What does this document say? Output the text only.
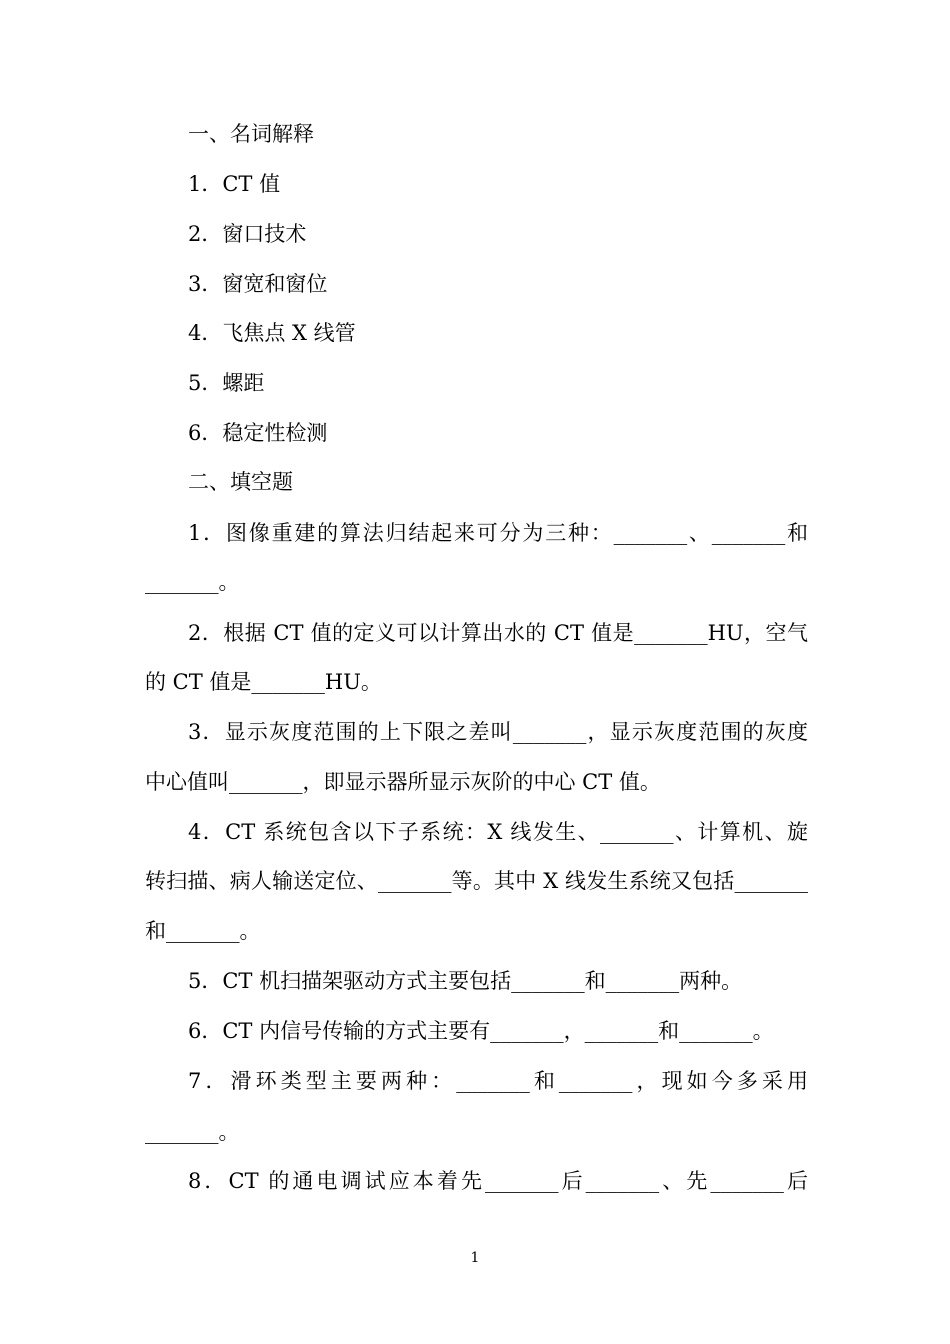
一、名词解释
1．CT 值
2．窗口技术
3．窗宽和窗位
4．飞焦点 X 线管
5．螺距
6．稳定性检测
二、填空题
1．图像重建的算法归结起来可分为三种：_______、_______和
_______。
2．根据 CT 值的定义可以计算出水的 CT 值是_______HU，空气
的 CT 值是_______HU。
3．显示灰度范围的上下限之差叫_______，显示灰度范围的灰度
中心值叫_______，即显示器所显示灰阶的中心 CT 值。
4．CT 系统包含以下子系统：X 线发生、_______、计算机、旋
转扫描、病人输送定位、_______等。其中 X 线发生系统又包括_______
和_______。
5．CT 机扫描架驱动方式主要包括_______和_______两种。
6．CT 内信号传输的方式主要有_______，_______和_______。
7．滑环类型主要两种：_______和_______，现如今多采用
_______。
8．CT 的通电调试应本着先_______后_______、先_______后
1
